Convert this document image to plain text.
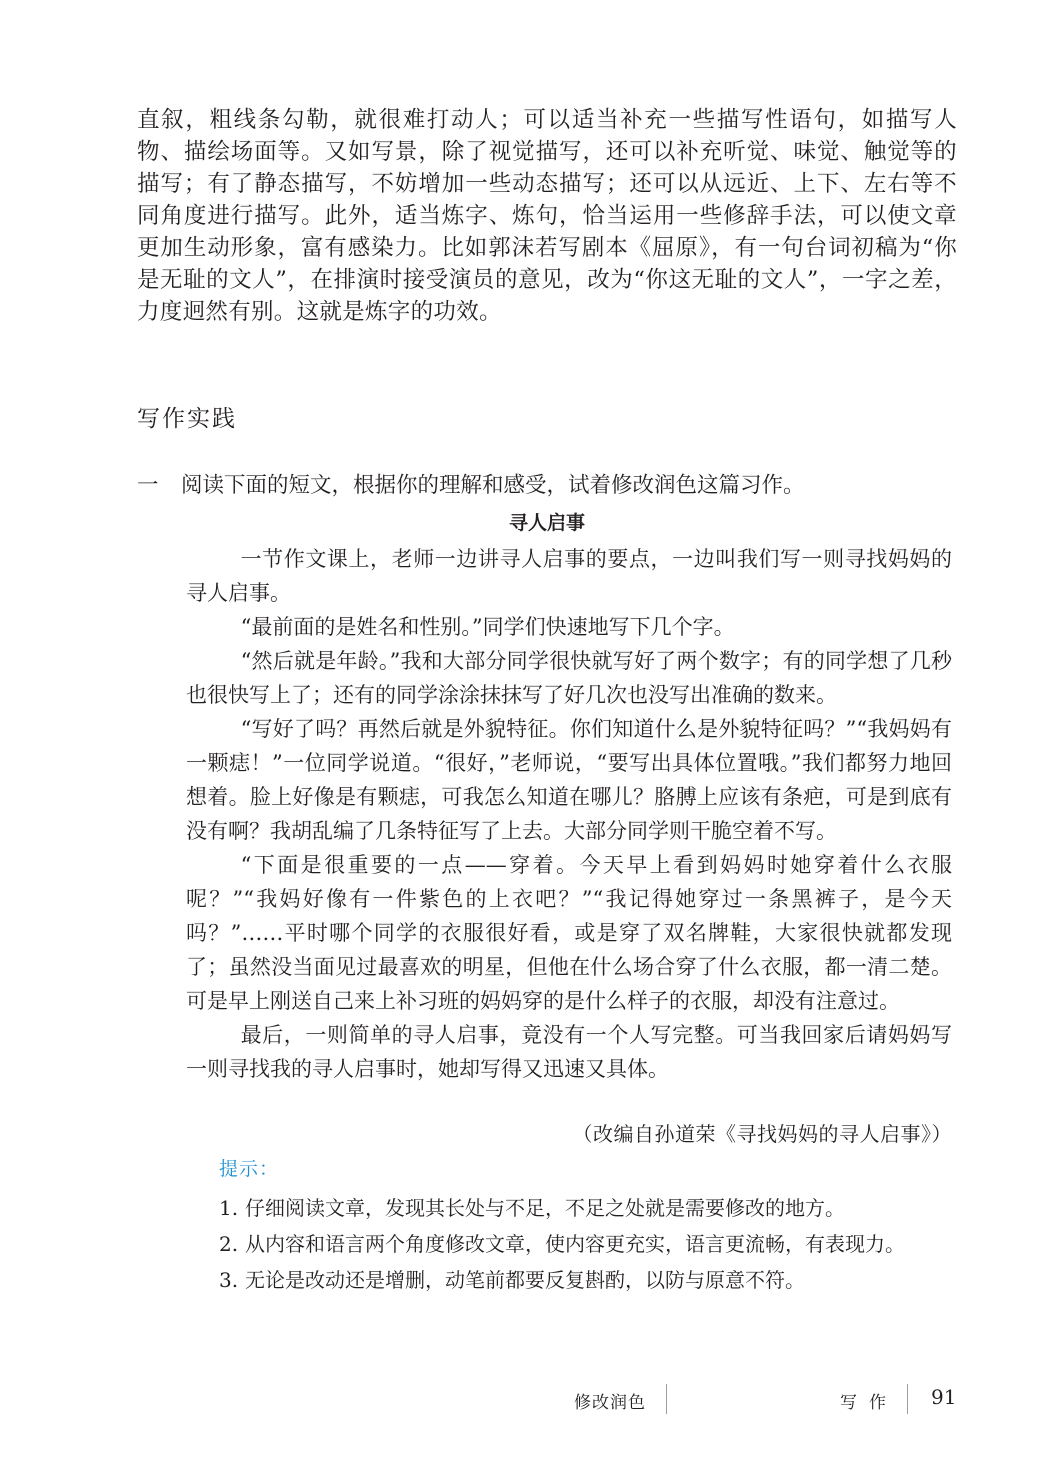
直叙，粗线条勾勒，就很难打动人；可以适当补充一些描写性语句，如描写人物、描绘场面等。又如写景，除了视觉描写，还可以补充听觉、味觉、触觉等的描写；有了静态描写，不妨增加一些动态描写；还可以从远近、上下、左右等不同角度进行描写。此外，适当炼字、炼句，恰当运用一些修辞手法，可以使文章更加生动形象，富有感染力。比如郭沫若写剧本《屈原》，有一句台词初稿为“你是无耻的文人”，在排演时接受演员的意见，改为“你这无耻的文人”，一字之差，力度迥然有别。这就是炼字的功效。

写作实践
一 阅读下面的短文，根据你的理解和感受，试着修改润色这篇习作。
寻人启事

一节作文课上，老师一边讲寻人启事的要点，一边叫我们写一则寻找妈妈的寻人启事。

“最前面的是姓名和性别。”同学们快速地写下几个字。

“然后就是年龄。”我和大部分同学很快就写好了两个数字；有的同学想了几秒也很快写上了；还有的同学涂涂抹抹写了好几次也没写出准确的数来。

“写好了吗？再然后就是外貌特征。你们知道什么是外貌特征吗？”“我妈妈有一颗痣！”一位同学说道。“很好，”老师说，“要写出具体位置哦。”我们都努力地回想着。脸上好像是有颗痣，可我怎么知道在哪儿？胳膊上应该有条疤，可是到底有没有啊？我胡乱编了几条特征写了上去。大部分同学则干脆空着不写。

“下面是很重要的一点——穿着。今天早上看到妈妈时她穿着什么衣服呢？”“我妈好像有一件紫色的上衣吧？”“我记得她穿过一条黑裤子，是今天吗？”……平时哪个同学的衣服很好看，或是穿了双名牌鞋，大家很快就都发现了；虽然没当面见过最喜欢的明星，但他在什么场合穿了什么衣服，都一清二楚。可是早上刚送自己来上补习班的妈妈穿的是什么样子的衣服，却没有注意过。

最后，一则简单的寻人启事，竟没有一个人写完整。可当我回家后请妈妈写一则寻找我的寻人启事时，她却写得又迅速又具体。

（改编自孙道荣《寻找妈妈的寻人启事》）
提示：
1. 仔细阅读文章，发现其长处与不足，不足之处就是需要修改的地方。
2. 从内容和语言两个角度修改文章，使内容更充实，语言更流畅，有表现力。
3. 无论是改动还是增删，动笔前都要反复斟酌，以防与原意不符。
修改润色	写作 91
